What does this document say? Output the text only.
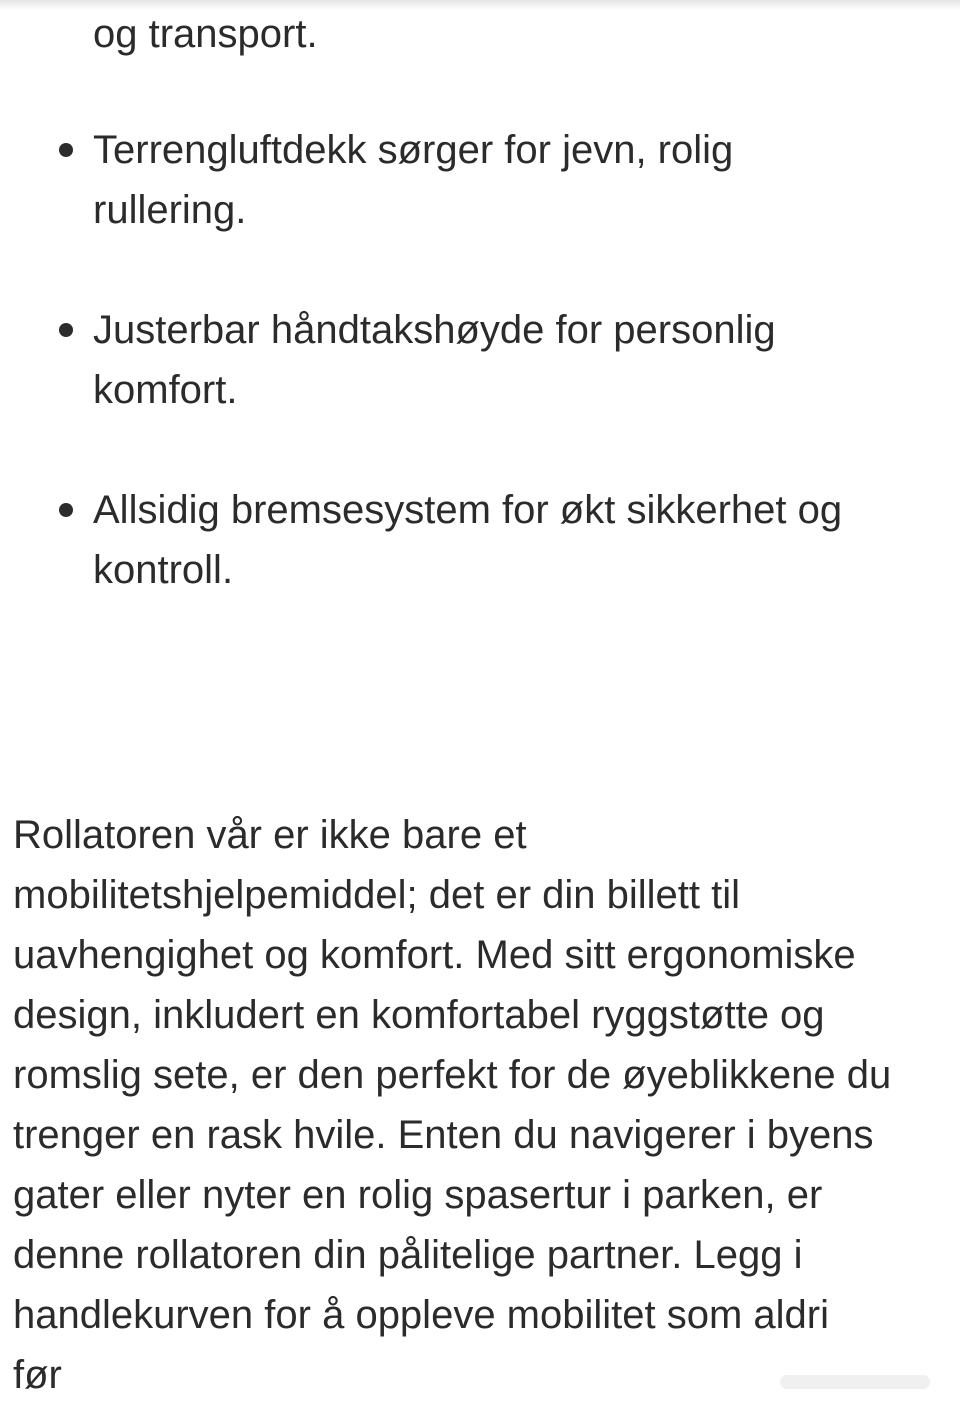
og transport.

Terrengluftdekk sørger for jevn, rolig
rullering.
Justerbar håndtakshøyde for personlig
komfort.
Allsidig bremsesystem for økt sikkerhet og
kontroll.

Rollatoren vår er ikke bare et
mobilitetshjelpemiddel; det er din billett til
uavhengighet og komfort. Med sitt ergonomiske
design, inkludert en komfortabel ryggstøtte og
romslig sete, er den perfekt for de øyeblikkene du
trenger en rask hvile. Enten du navigerer i byens
gater eller nyter en rolig spasertur i parken, er
denne rollatoren din pålitelige partner. Legg i
handlekurven for å oppleve mobilitet som aldri
før
